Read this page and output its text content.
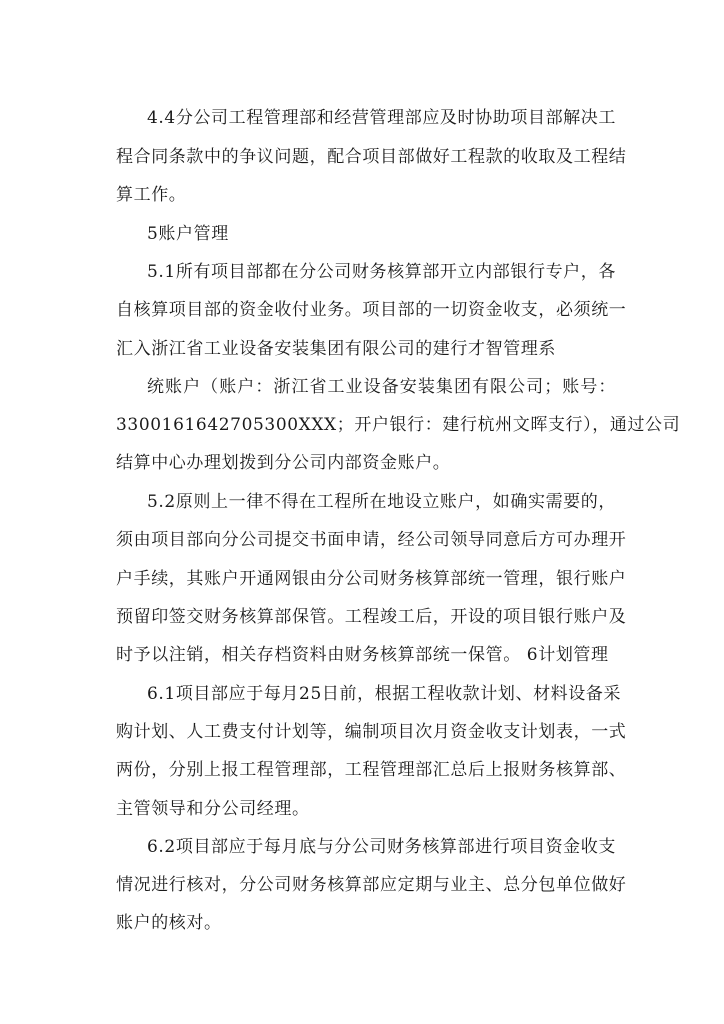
4.4分公司工程管理部和经营管理部应及时协助项目部解决工
程合同条款中的争议问题，配合项目部做好工程款的收取及工程结
算工作。
5账户管理
5.1所有项目部都在分公司财务核算部开立内部银行专户，各
自核算项目部的资金收付业务。项目部的一切资金收支，必须统一
汇入浙江省工业设备安装集团有限公司的建行才智管理系
统账户（账户：浙江省工业设备安装集团有限公司；账号：
3300161642705300XXX；开户银行：建行杭州文晖支行），通过公司
结算中心办理划拨到分公司内部资金账户。
5.2原则上一律不得在工程所在地设立账户，如确实需要的，
须由项目部向分公司提交书面申请，经公司领导同意后方可办理开
户手续，其账户开通网银由分公司财务核算部统一管理，银行账户
预留印签交财务核算部保管。工程竣工后，开设的项目银行账户及
时予以注销，相关存档资料由财务核算部统一保管。 6计划管理
6.1项目部应于每月25日前，根据工程收款计划、材料设备采
购计划、人工费支付计划等，编制项目次月资金收支计划表，一式
两份，分别上报工程管理部，工程管理部汇总后上报财务核算部、
主管领导和分公司经理。
6.2项目部应于每月底与分公司财务核算部进行项目资金收支
情况进行核对，分公司财务核算部应定期与业主、总分包单位做好
账户的核对。
